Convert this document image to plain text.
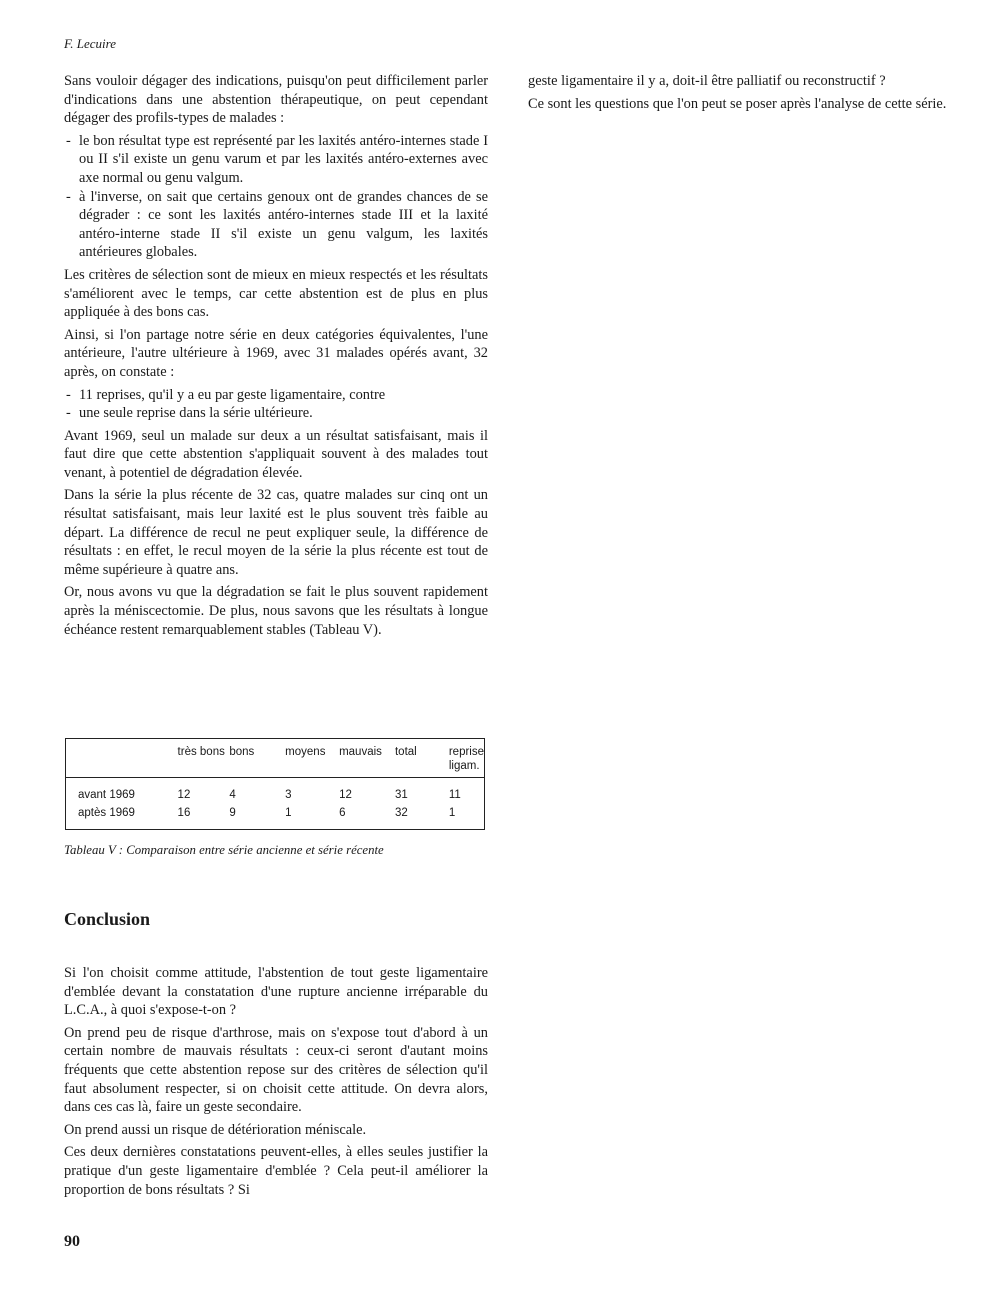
F. Lecuire

Sans vouloir dégager des indications, puisqu'on peut difficilement parler d'indications dans une abstention thérapeutique, on peut cependant dégager des profils-types de malades :

- le bon résultat type est représenté par les laxités antéro-internes stade I ou II s'il existe un genu varum et par les laxités antéro-externes avec axe normal ou genu valgum.
- à l'inverse, on sait que certains genoux ont de grandes chances de se dégrader : ce sont les laxités antéro-internes stade III et la laxité antéro-interne stade II s'il existe un genu valgum, les laxités antérieures globales.

Les critères de sélection sont de mieux en mieux respectés et les résultats s'améliorent avec le temps, car cette abstention est de plus en plus appliquée à des bons cas.

Ainsi, si l'on partage notre série en deux catégories équivalentes, l'une antérieure, l'autre ultérieure à 1969, avec 31 malades opérés avant, 32 après, on constate :

- 11 reprises, qu'il y a eu par geste ligamentaire, contre
- une seule reprise dans la série ultérieure.

Avant 1969, seul un malade sur deux a un résultat satisfaisant, mais il faut dire que cette abstention s'appliquait souvent à des malades tout venant, à potentiel de dégradation élevée.

Dans la série la plus récente de 32 cas, quatre malades sur cinq ont un résultat satisfaisant, mais leur laxité est le plus souvent très faible au départ. La différence de recul ne peut expliquer seule, la différence de résultats : en effet, le recul moyen de la série la plus récente est tout de même supérieure à quatre ans.

Or, nous avons vu que la dégradation se fait le plus souvent rapidement après la méniscectomie. De plus, nous savons que les résultats à longue échéance restent remarquablement stables (Tableau V).

	très bons	bons	moyens	mauvais	total	reprise ligam.
avant 1969	12	4	3	12	31	11
aptès 1969	16	9	1	6	32	1
Tableau V : Comparaison entre série ancienne et série récente
Conclusion

Si l'on choisit comme attitude, l'abstention de tout geste ligamentaire d'emblée devant la constatation d'une rupture ancienne irréparable du L.C.A., à quoi s'expose-t-on ?

On prend peu de risque d'arthrose, mais on s'expose tout d'abord à un certain nombre de mauvais résultats : ceux-ci seront d'autant moins fréquents que cette abstention repose sur des critères de sélection qu'il faut absolument respecter, si on choisit cette attitude. On devra alors, dans ces cas là, faire un geste secondaire.

On prend aussi un risque de détérioration méniscale.

Ces deux dernières constatations peuvent-elles, à elles seules justifier la pratique d'un geste ligamentaire d'emblée ? Cela peut-il améliorer la proportion de bons résultats ? Si

geste ligamentaire il y a, doit-il être palliatif ou reconstructif ?

Ce sont les questions que l'on peut se poser après l'analyse de cette série.

90
